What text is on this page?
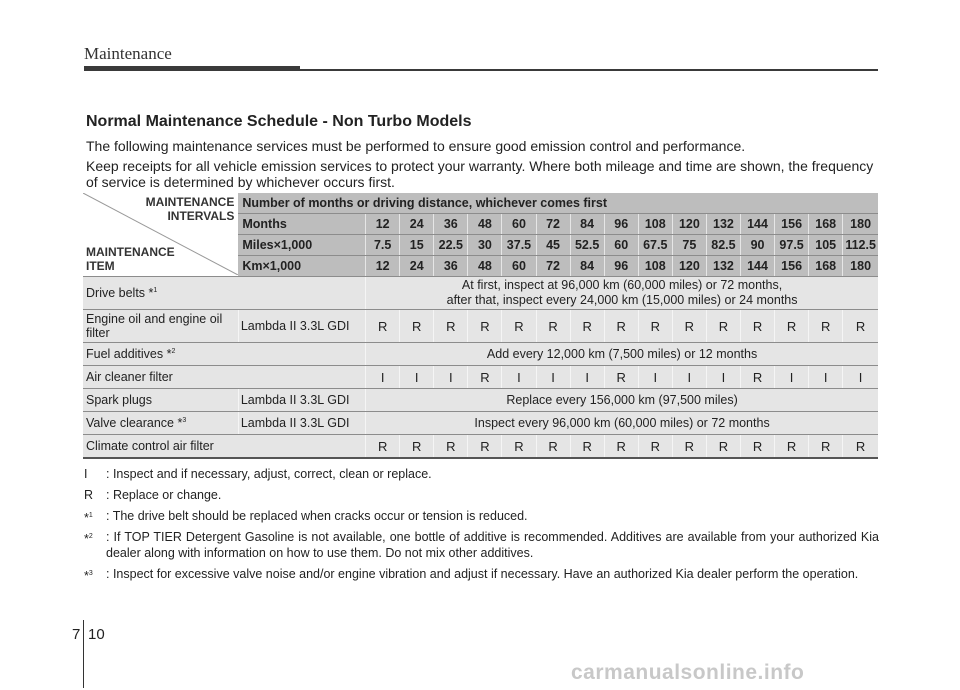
Maintenance
Normal Maintenance Schedule - Non Turbo Models
The following maintenance services must be performed to ensure good emission control and performance.
Keep receipts for all vehicle emission services to protect your warranty. Where both mileage and time are shown, the frequency of service is determined by whichever occurs first.
MAINTENANCE INTERVALS
MAINTENANCE ITEM	Number of months or driving distance, whichever comes first															
	Months	12	24	36	48	60	72	84	96	108	120	132	144	156	168	180
	Miles×1,000	7.5	15	22.5	30	37.5	45	52.5	60	67.5	75	82.5	90	97.5	105	112.5
	Km×1,000	12	24	36	48	60	72	84	96	108	120	132	144	156	168	180
Drive belts *$^1$		At first, inspect at 96,000 km (60,000 miles) or 72 months,
after that, inspect every 24,000 km (15,000 miles) or 24 months														

Engine oil and engine oil filter	Lambda II 3.3L GDI	R	R	R	R	R	R	R	R	R	R	R	R	R	R	R
Fuel additives *$^2$		Add every 12,000 km (7,500 miles) or 12 months														
Air cleaner filter		I	I	I	R	I	I	I	R	I	I	I	R	I	I	I
Spark plugs	Lambda II 3.3L GDI	Replace every 156,000 km (97,500 miles)														
Valve clearance *$^3$	Lambda II 3.3L GDI	Inspect every 96,000 km (60,000 miles) or 72 months														
Climate control air filter		R	R	R	R	R	R	R	R	R	R	R	R	R	R	R
I : Inspect and if necessary, adjust, correct, clean or replace.
R : Replace or change.
*$^1$ : The drive belt should be replaced when cracks occur or tension is reduced.
*$^2$ : If TOP TIER Detergent Gasoline is not available, one bottle of additive is recommended. Additives are available from your authorized Kia dealer along with information on how to use them. Do not mix other additives.
*$^3$ : Inspect for excessive valve noise and/or engine vibration and adjust if necessary. Have an authorized Kia dealer perform the operation.
7 10
carmanualsonline.info
